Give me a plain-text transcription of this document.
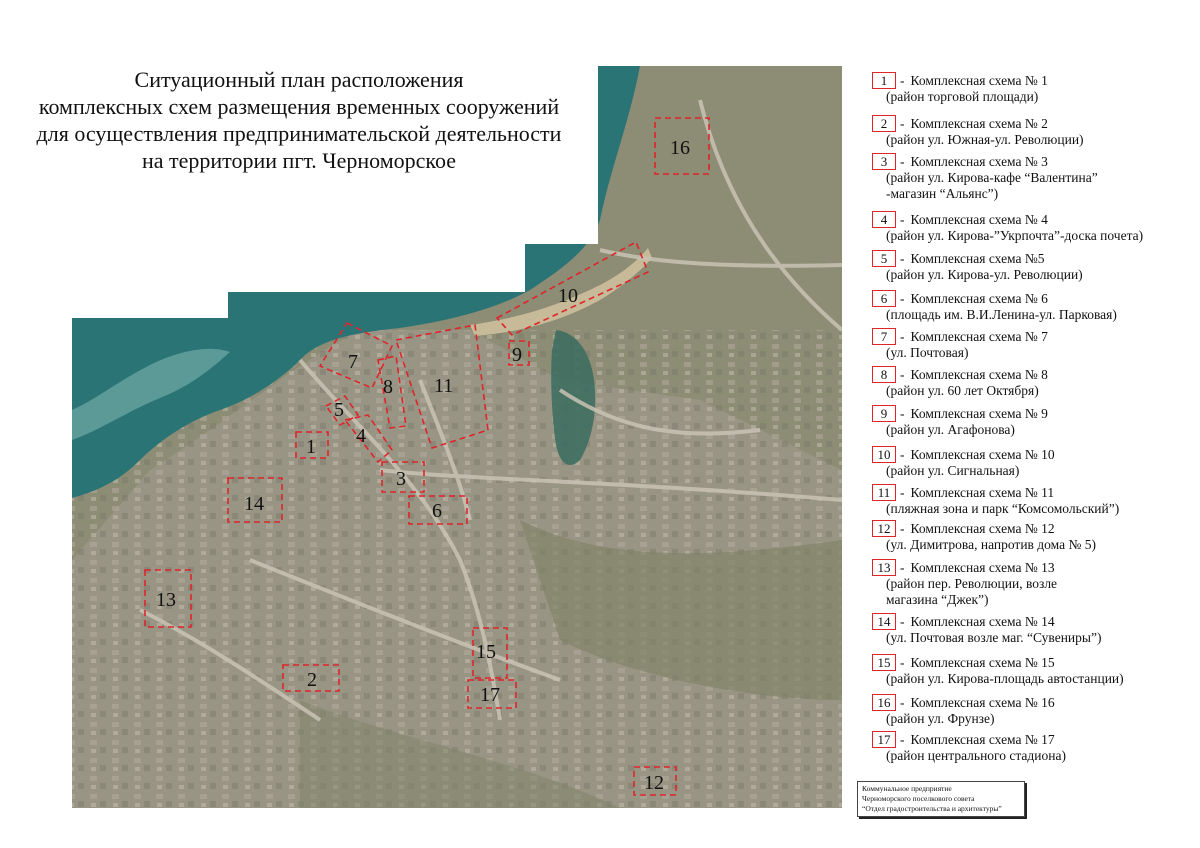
Ситуационный план расположения
комплексных схем размещения временных сооружений
для осуществления предпринимательской деятельности
на территории пгт. Черноморское
1
2
3
4
5
6
7
8
9
10
11
12
13
14
15
16
17
1 - Комплексная схема № 1
(район торговой площади)
2 - Комплексная схема № 2
(район ул. Южная-ул. Революции)
3 - Комплексная схема № 3
(район ул. Кирова-кафе “Валентина”
-магазин “Альянс”)
4 - Комплексная схема № 4
(район ул. Кирова-”Укрпочта”-доска почета)
5 - Комплексная схема №5
(район ул. Кирова-ул. Революции)
6 - Комплексная схема № 6
(площадь им. В.И.Ленина-ул. Парковая)
7 - Комплексная схема № 7
(ул. Почтовая)
8 - Комплексная схема № 8
(район ул. 60 лет Октября)
9 - Комплексная схема № 9
(район ул. Агафонова)
10 - Комплексная схема № 10
(район ул. Сигнальная)
11 - Комплексная схема № 11
(пляжная зона и парк “Комсомольский”)
12 - Комплексная схема № 12
(ул. Димитрова, напротив дома № 5)
13 - Комплексная схема № 13
(район пер. Революции, возле
магазина “Джек”)
14 - Комплексная схема № 14
(ул. Почтовая возле маг. “Сувениры”)
15 - Комплексная схема № 15
(район ул. Кирова-площадь автостанции)
16 - Комплексная схема № 16
(район ул. Фрунзе)
17 - Комплексная схема № 17
(район центрального стадиона)
Коммунальное предприятие
Черноморского поселкового совета
“Отдел градостроительства и архитектуры”
